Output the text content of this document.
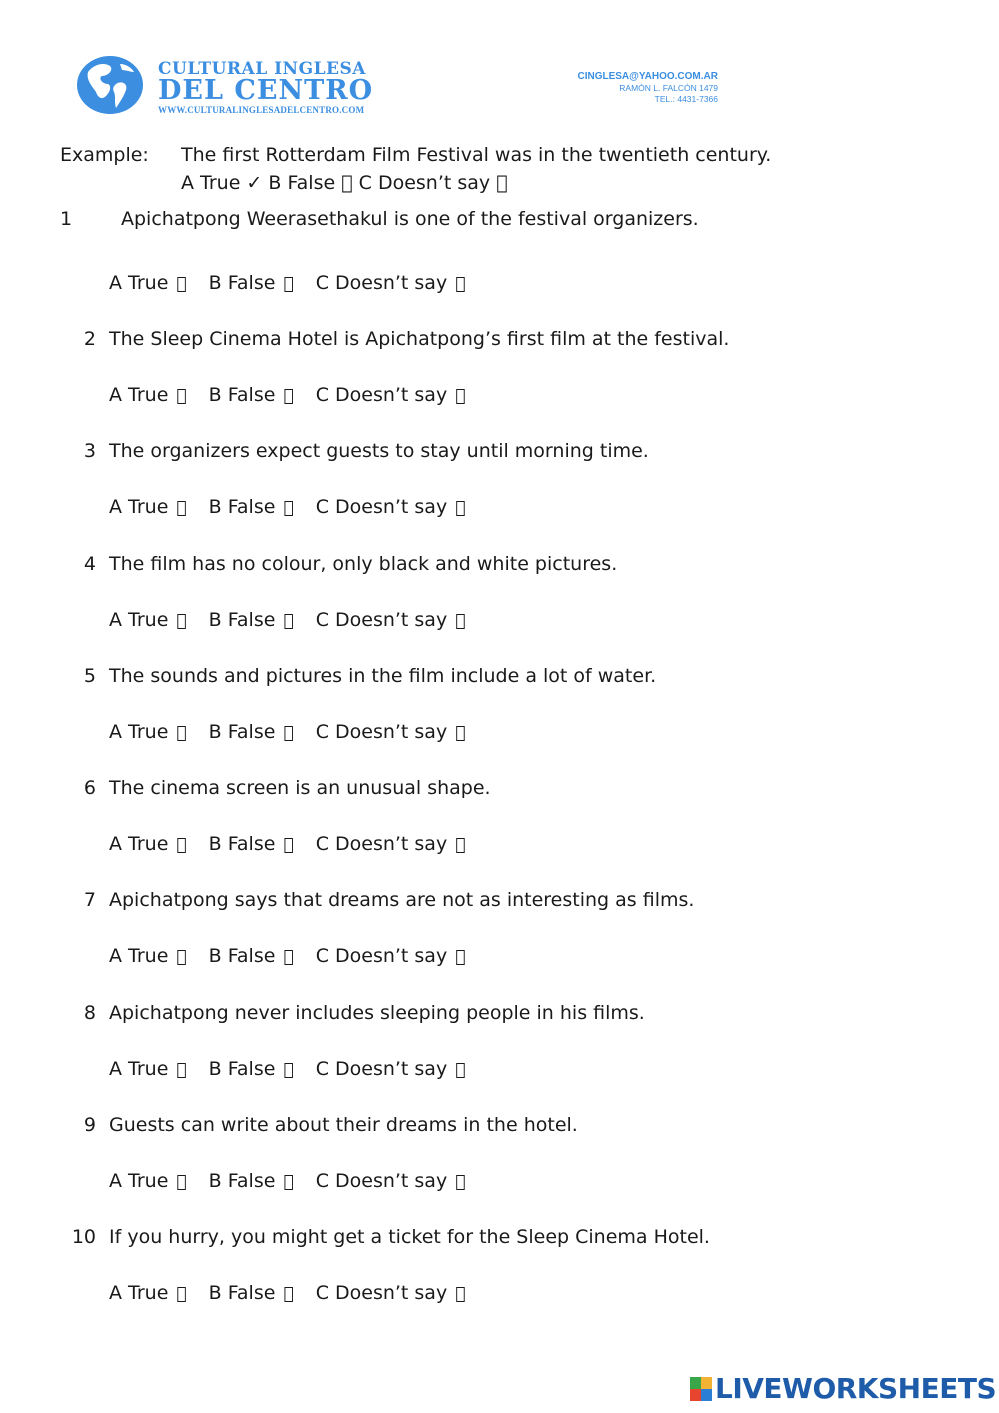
CULTURAL INGLESA
DEL CENTRO
WWW.CULTURALINGLESADELCENTRO.COM
CINGLESA@YAHOO.COM.AR
RAMÓN L. FALCÓN 1479
TEL.: 4431-7366
Example: The first Rotterdam Film Festival was in the twentieth century.
A True ✓ B False C Doesn’t say
1	Apichatpong Weerasethakul is one of the festival organizers.
A True B False C Doesn’t say
2 The Sleep Cinema Hotel is Apichatpong’s first film at the festival.
A True B False C Doesn’t say
3 The organizers expect guests to stay until morning time.
A True B False C Doesn’t say
4 The film has no colour, only black and white pictures.
A True B False C Doesn’t say
5 The sounds and pictures in the film include a lot of water.
A True B False C Doesn’t say
6 The cinema screen is an unusual shape.
A True B False C Doesn’t say
7 Apichatpong says that dreams are not as interesting as films.
A True B False C Doesn’t say
8 Apichatpong never includes sleeping people in his films.
A True B False C Doesn’t say
9 Guests can write about their dreams in the hotel.
A True B False C Doesn’t say
10 If you hurry, you might get a ticket for the Sleep Cinema Hotel.
A True B False C Doesn’t say
LIVEWORKSHEETS
